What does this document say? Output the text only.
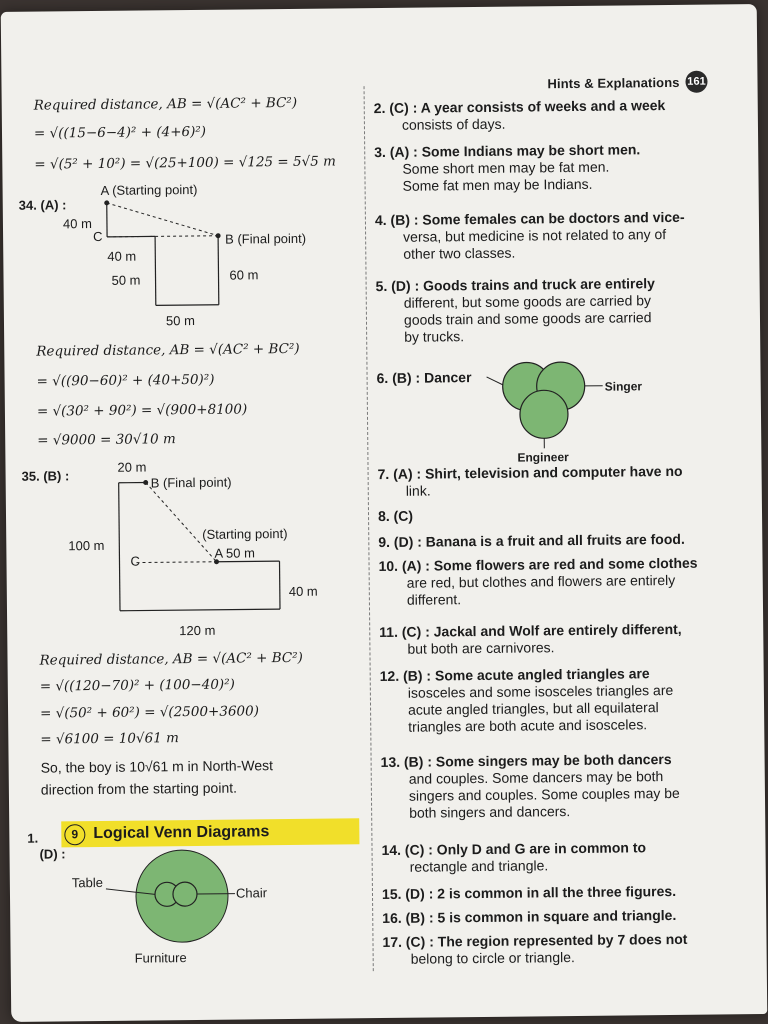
Hints & Explanations 161
Required distance, AB = √(AC² + BC²)
= √((15−6−4)² + (4+6)²)
= √(5² + 10²) = √(25+100) = √125 = 5√5 m
34. (A) :
A (Starting point)
B (Final point)
C
40 m
40 m
50 m	60 m
50 m
Required distance, AB = √(AC² + BC²)
= √((90−60)² + (40+50)²)
= √(30² + 90²) = √(900+8100)
= √9000 = 30√10 m
35. (B) :
20 m
B (Final point)
(Starting point)
A 50 m
100 m
C
40 m
120 m
Required distance, AB = √(AC² + BC²)
= √((120−70)² + (100−40)²)
= √(50² + 60²) = √(2500+3600)
= √6100 = 10√61 m
So, the boy is 10√61 m in North-West
direction from the starting point.
9 Logical Venn Diagrams
1.
(D) :
Table
Chair
Furniture
2. (C) : A year consists of weeks and a week
consists of days.
3. (A) : Some Indians may be short men.
Some short men may be fat men.
Some fat men may be Indians.
4. (B) : Some females can be doctors and vice-
versa, but medicine is not related to any of
other two classes.
5. (D) : Goods trains and truck are entirely
different, but some goods are carried by
goods train and some goods are carried
by trucks.
6. (B) : Dancer
Singer
Engineer
7. (A) : Shirt, television and computer have no
link.
8. (C)
9. (D) : Banana is a fruit and all fruits are food.
10. (A) : Some flowers are red and some clothes
are red, but clothes and flowers are entirely
different.
11. (C) : Jackal and Wolf are entirely different,
but both are carnivores.
12. (B) : Some acute angled triangles are
isosceles and some isosceles triangles are
acute angled triangles, but all equilateral
triangles are both acute and isosceles.
13. (B) : Some singers may be both dancers
and couples. Some dancers may be both
singers and couples. Some couples may be
both singers and dancers.
14. (C) : Only D and G are in common to
rectangle and triangle.
15. (D) : 2 is common in all the three figures.
16. (B) : 5 is common in square and triangle.
17. (C) : The region represented by 7 does not
belong to circle or triangle.
